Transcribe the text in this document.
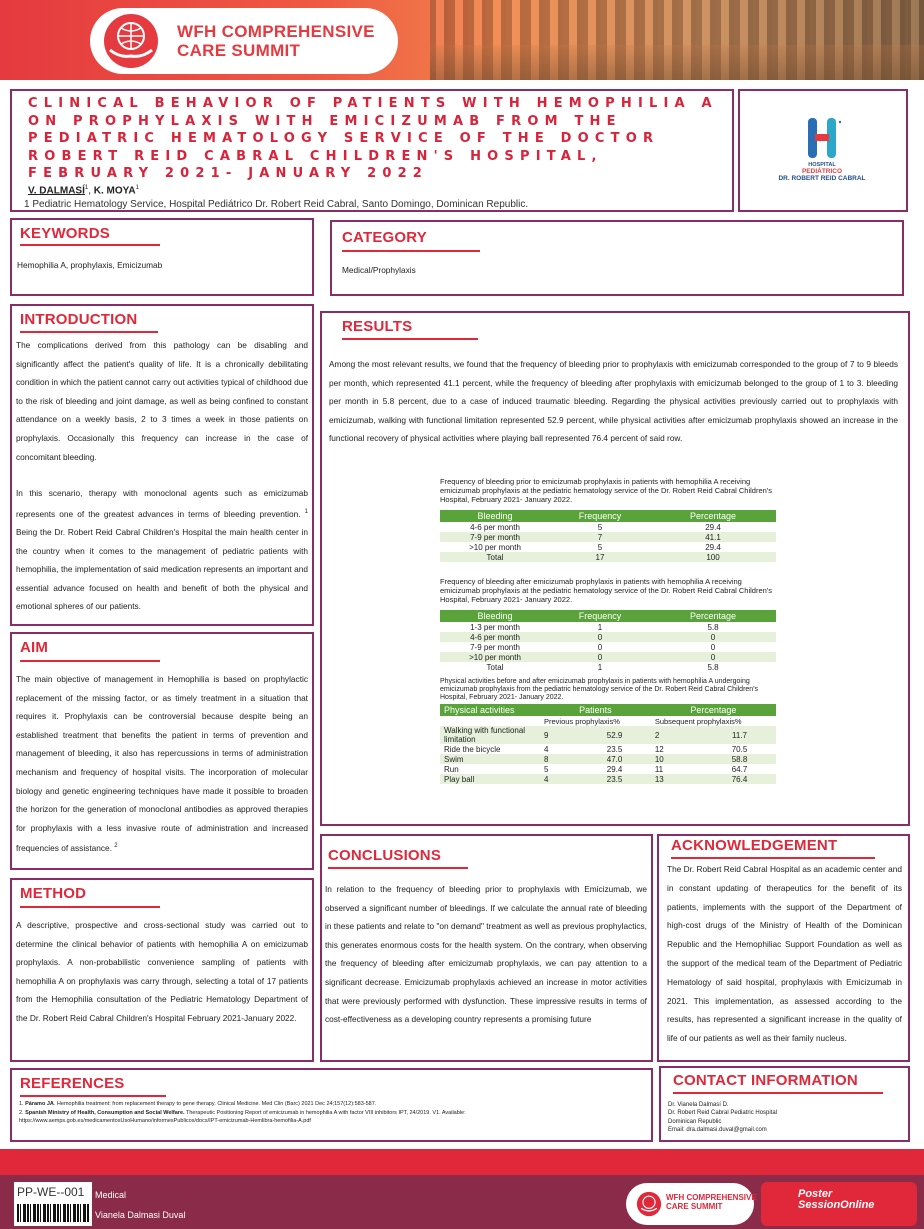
WFH COMPREHENSIVE
CARE SUMMIT
CLINICAL BEHAVIOR OF PATIENTS WITH HEMOPHILIA A ON PROPHYLAXIS WITH EMICIZUMAB FROM THE PEDIATRIC HEMATOLOGY SERVICE OF THE DOCTOR ROBERT REID CABRAL CHILDREN'S HOSPITAL, FEBRUARY 2021- JANUARY 2022
V. DALMASÍ$^1$, K. MOYA$^1$
1 Pediatric Hematology Service, Hospital Pediátrico Dr. Robert Reid Cabral, Santo Domingo, Dominican Republic.
HOSPITAL
PEDIÁTRICO
DR. ROBERT REID CABRAL
KEYWORDS
Hemophilia A, prophylaxis, Emicizumab
CATEGORY
Medical/Prophylaxis
INTRODUCTION

The complications derived from this pathology can be disabling and significantly affect the patient's quality of life. It is a chronically debilitating condition in which the patient cannot carry out activities typical of childhood due to the risk of bleeding and joint damage, as well as being confined to constant attendance on a weekly basis, 2 to 3 times a week in those patients on prophylaxis. Occasionally this frequency can increase in the case of concomitant bleeding.

In this scenario, therapy with monoclonal agents such as emicizumab represents one of the greatest advances in terms of bleeding prevention. $^1$ Being the Dr. Robert Reid Cabral Children's Hospital the main health center in the country when it comes to the management of pediatric patients with hemophilia, the implementation of said medication represents an important and essential advance focused on health and benefit of both the physical and emotional spheres of our patients.

AIM
The main objective of management in Hemophilia is based on prophylactic replacement of the missing factor, or as timely treatment in a situation that requires it. Prophylaxis can be controversial because despite being an established treatment that benefits the patient in terms of prevention and management of bleeding, it also has repercussions in terms of administration mechanism and frequency of hospital visits. The incorporation of molecular biology and genetic engineering techniques have made it possible to broaden the horizon for the generation of monoclonal antibodies as approved therapies for prophylaxis with a less invasive route of administration and increased frequencies of assistance. $^2$
METHOD
A descriptive, prospective and cross-sectional study was carried out to determine the clinical behavior of patients with hemophilia A on emicizumab prophylaxis. A non-probabilistic convenience sampling of patients with hemophilia A on prophylaxis was carry through, selecting a total of 17 patients from the Hemophilia consultation of the Pediatric Hematology Department of the Dr. Robert Reid Cabral Children's Hospital February 2021-January 2022.
RESULTS
Among the most relevant results, we found that the frequency of bleeding prior to prophylaxis with emicizumab corresponded to the group of 7 to 9 bleeds per month, which represented 41.1 percent, while the frequency of bleeding after prophylaxis with emicizumab belonged to the group of 1 to 3. bleeding per month in 5.8 percent, due to a case of induced traumatic bleeding. Regarding the physical activities previously carried out to prophylaxis with emicizumab, walking with functional limitation represented 52.9 percent, while physical activities after emicizumab prophylaxis showed an increase in the functional recovery of physical activities where playing ball represented 76.4 percent of said row.
Frequency of bleeding prior to emicizumab prophylaxis in patients with hemophilia A receiving emicizumab prophylaxis at the pediatric hematology service of the Dr. Robert Reid Cabral Children's Hospital, February 2021- January 2022.
Bleeding	Frequency	Percentage
4-6 per month	5	29.4
7-9 per month	7	41.1
>10 per month	5	29.4
Total	17	100
Frequency of bleeding after emicizumab prophylaxis in patients with hemophilia A receiving emicizumab prophylaxis at the pediatric hematology service of the Dr. Robert Reid Cabral Children's Hospital, February 2021- January 2022.
Bleeding	Frequency	Percentage
1-3 per month	1	5.8
4-6 per month	0	0
7-9 per month	0	0
>10 per month	0	0
Total	1	5.8
Physical activities before and after emicizumab prophylaxis in patients with hemophilia A undergoing emicizumab prophylaxis from the pediatric hematology service of the Dr. Robert Reid Cabral Children's Hospital, February 2021- January 2022.
Physical activities	Patients		Percentage	
	Previous prophylaxis%		Subsequent prophylaxis%	
Walking with functional limitation	9	52.9	2	11.7
Ride the bicycle	4	23.5	12	70.5
Swim	8	47.0	10	58.8
Run	5	29.4	11	64.7
Play ball	4	23.5	13	76.4
CONCLUSIONS
In relation to the frequency of bleeding prior to prophylaxis with Emicizumab, we observed a significant number of bleedings. If we calculate the annual rate of bleeding in these patients and relate to "on demand" treatment as well as previous prophylactics, this generates enormous costs for the health system. On the contrary, when observing the frequency of bleeding after emicizumab prophylaxis, we can pay attention to a significant decrease. Emicizumab prophylaxis achieved an increase in motor activities that were previously performed with dysfunction. These impressive results in terms of cost-effectiveness as a developing country represents a promising future
ACKNOWLEDGEMENT
The Dr. Robert Reid Cabral Hospital as an academic center and in constant updating of therapeutics for the benefit of its patients, implements with the support of the Department of high-cost drugs of the Ministry of Health of the Dominican Republic and the Hemophiliac Support Foundation as well as the support of the medical team of the Department of Pediatric Hematology of said hospital, prophylaxis with Emicizumab in 2021. This implementation, as assessed according to the results, has represented a significant increase in the quality of life of our patients as well as their family nucleus.
REFERENCES
1. Páramo JA. Hemophilia treatment: from replacement therapy to gene therapy. Clinical Medicine. Med Clin (Barc) 2021 Dec 24;157(12):583-587.
2. Spanish Ministry of Health, Consumption and Social Welfare. Therapeutic Positioning Report of emicizumab in hemophilia A with factor VIII inhibitors IPT, 24/2019. V1. Available:
https://www.aemps.gob.es/medicamentosUsoHumano/informesPublicos/docs/IPT-emicizumab-Hemlibra-hemofilia-A.pdf
CONTACT INFORMATION
Dr. Vianela Dalmasí D.
Dr. Robert Reid Cabral Pediatric Hospital
Dominican Republic
Email: dra.dalmasi.duval@gmail.com
PP-WE--001 Medical
Vianela Dalmasi Duval
WFH COMPREHENSIVE
CARE SUMMIT
Poster
SessionOnline
